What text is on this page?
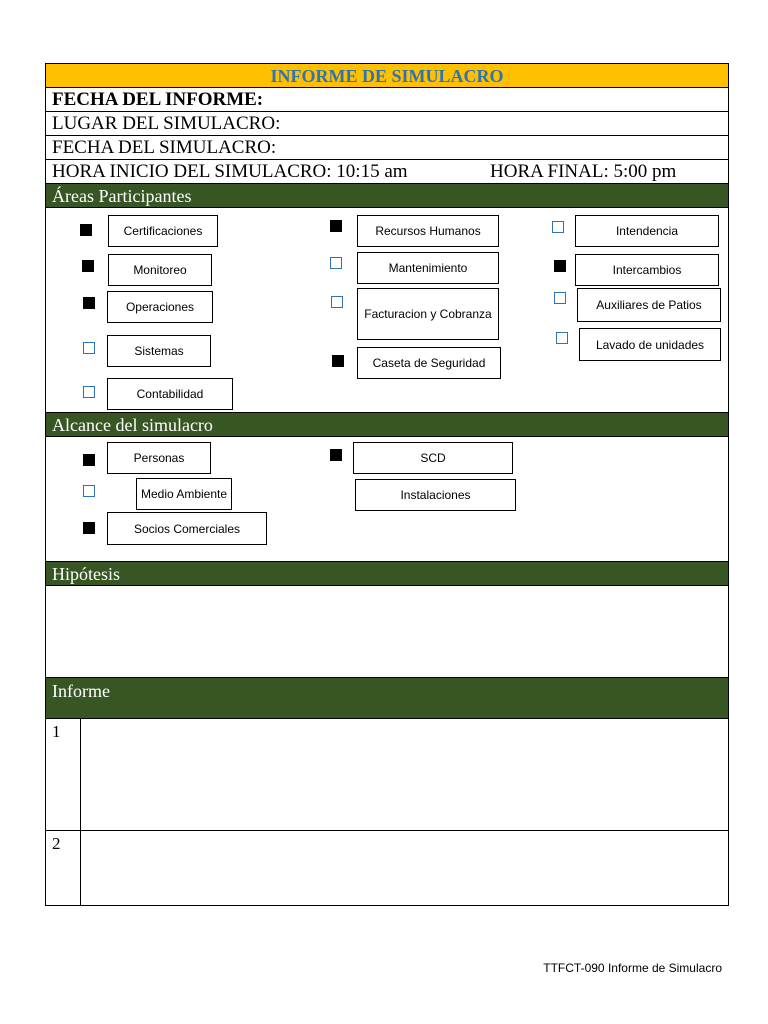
INFORME DE SIMULACRO
FECHA DEL INFORME:
LUGAR DEL SIMULACRO:
FECHA DEL SIMULACRO:
HORA INICIO DEL SIMULACRO: 10:15 am	HORA FINAL: 5:00 pm
Áreas Participantes
Certificaciones
Monitoreo
Operaciones
Sistemas
Contabilidad
Recursos Humanos
Mantenimiento
Facturacion y Cobranza
Caseta de Seguridad
Intendencia
Intercambios
Auxiliares de Patios
Lavado de unidades
Alcance del simulacro
Personas
Medio Ambiente
Socios Comerciales
SCD
Instalaciones
Hipótesis
Informe
1
2
TTFCT-090 Informe de Simulacro
